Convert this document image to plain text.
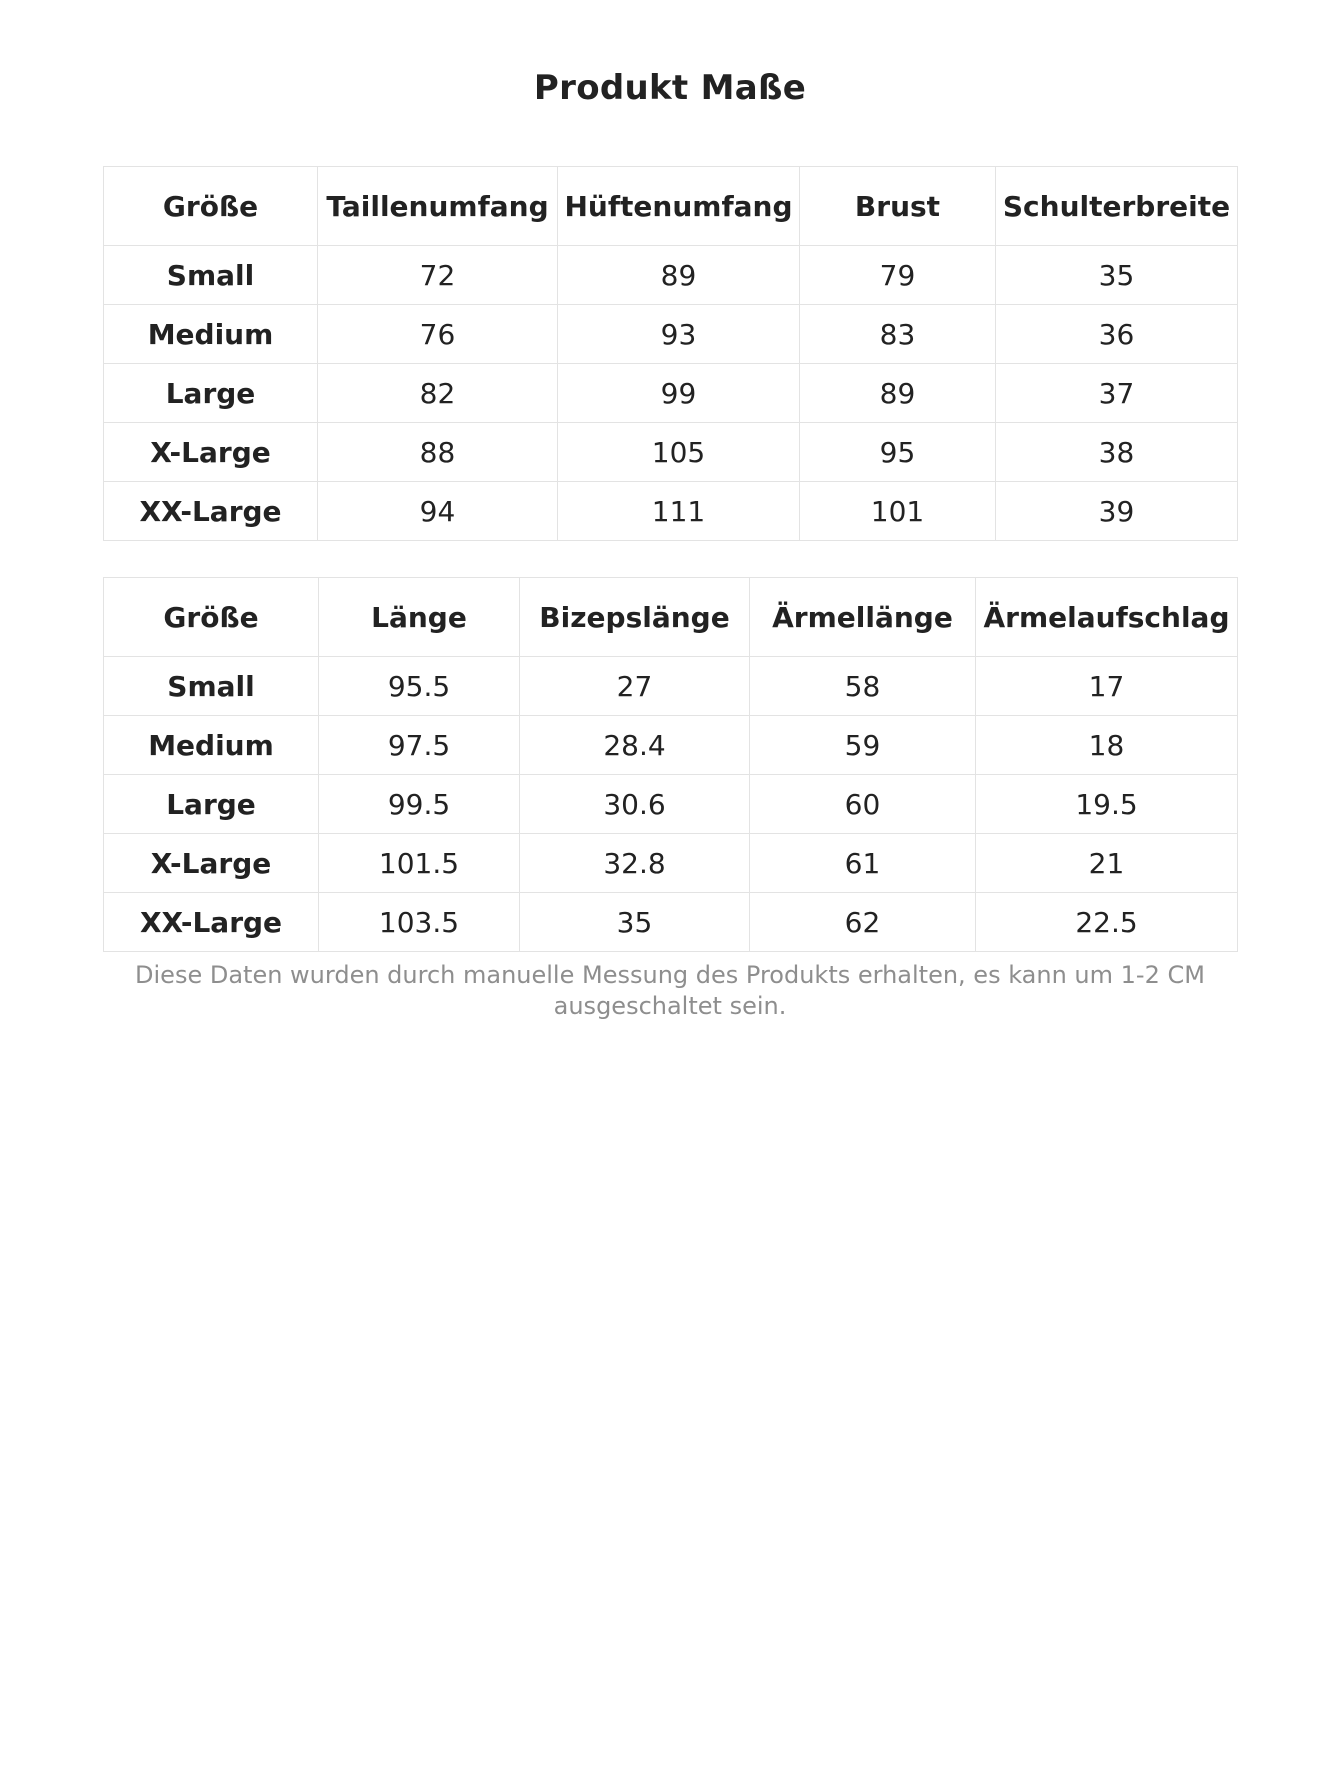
Produkt Maße
Größe	Taillenumfang	Hüftenumfang	Brust	Schulterbreite
Small	72	89	79	35
Medium	76	93	83	36
Large	82	99	89	37
X-Large	88	105	95	38
XX-Large	94	111	101	39
Größe	Länge	Bizepslänge	Ärmellänge	Ärmelaufschlag
Small	95.5	27	58	17
Medium	97.5	28.4	59	18
Large	99.5	30.6	60	19.5
X-Large	101.5	32.8	61	21
XX-Large	103.5	35	62	22.5
Diese Daten wurden durch manuelle Messung des Produkts erhalten, es kann um 1-2 CM ausgeschaltet sein.
